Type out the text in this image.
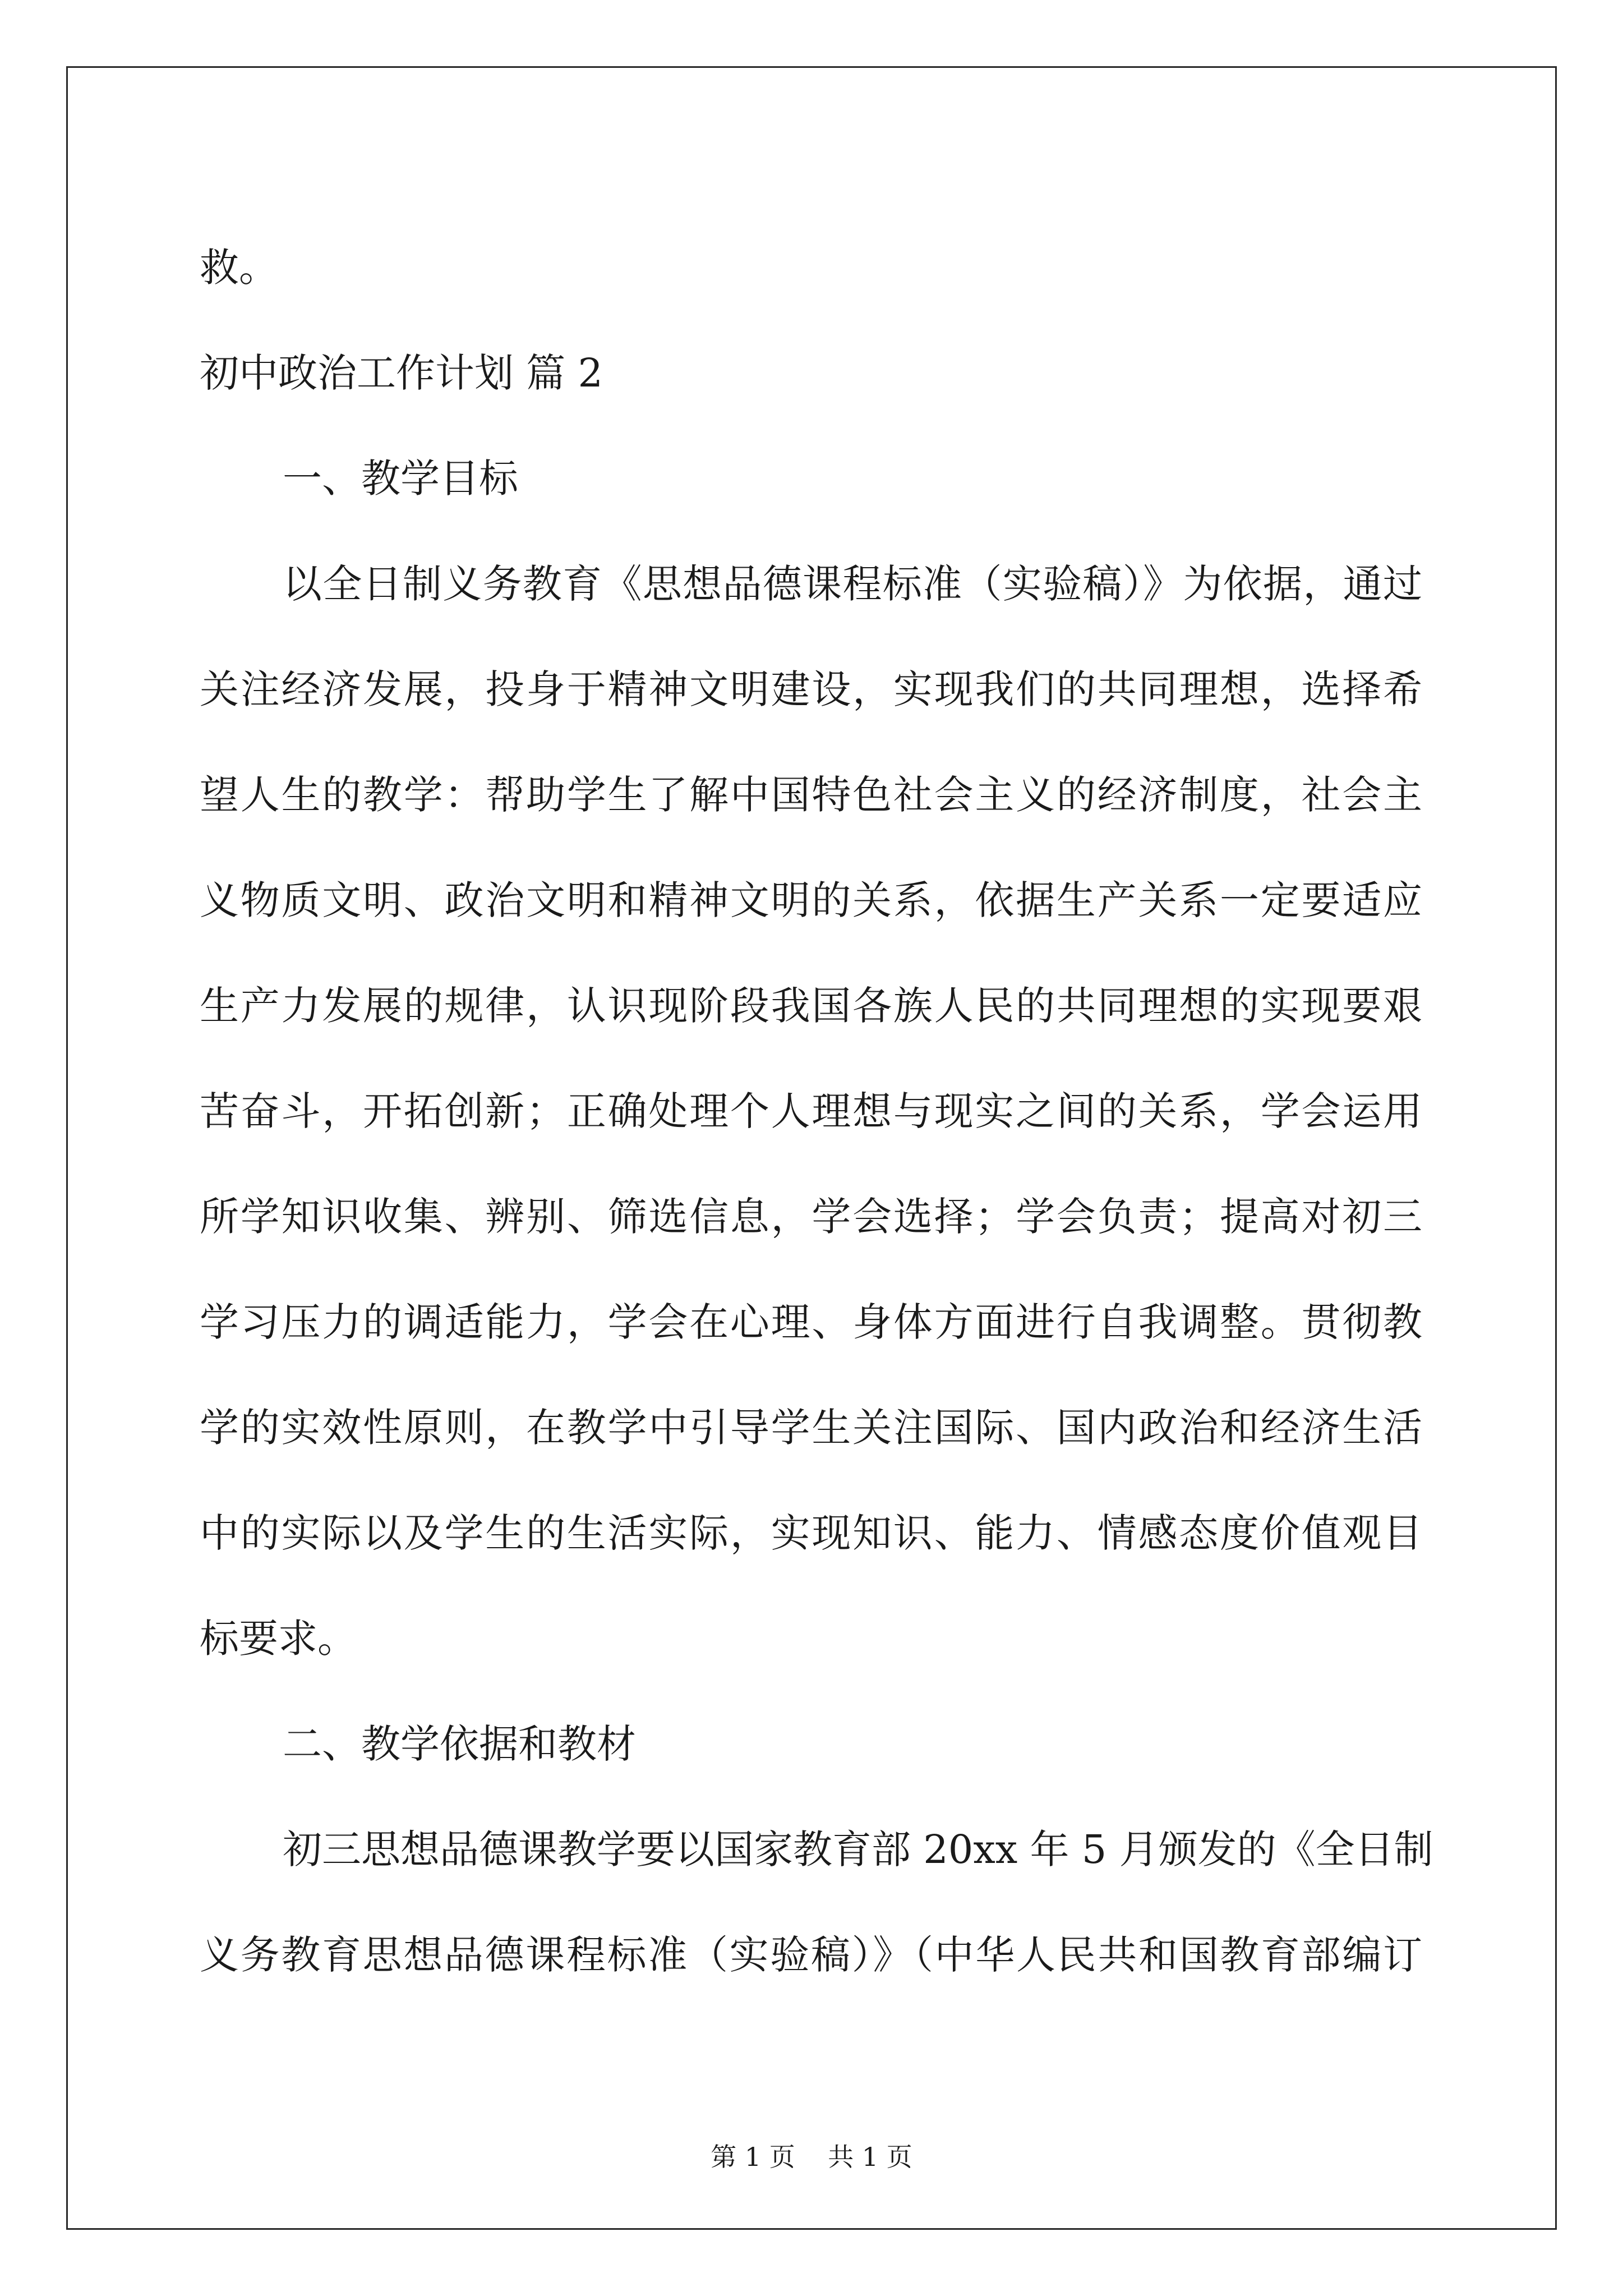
救。

初中政治工作计划 篇 2

一、教学目标

以全日制义务教育《思想品德课程标准（实验稿）》为依据，通过

关注经济发展，投身于精神文明建设，实现我们的共同理想，选择希

望人生的教学：帮助学生了解中国特色社会主义的经济制度，社会主

义物质文明、政治文明和精神文明的关系，依据生产关系一定要适应

生产力发展的规律，认识现阶段我国各族人民的共同理想的实现要艰

苦奋斗，开拓创新；正确处理个人理想与现实之间的关系，学会运用

所学知识收集、辨别、筛选信息，学会选择；学会负责；提高对初三

学习压力的调适能力，学会在心理、身体方面进行自我调整。贯彻教

学的实效性原则，在教学中引导学生关注国际、国内政治和经济生活

中的实际以及学生的生活实际，实现知识、能力、情感态度价值观目

标要求。

二、教学依据和教材

初三思想品德课教学要以国家教育部 20xx 年 5 月颁发的《全日制

义务教育思想品德课程标准（实验稿）》（中华人民共和国教育部编订

第 1 页    共 1 页
